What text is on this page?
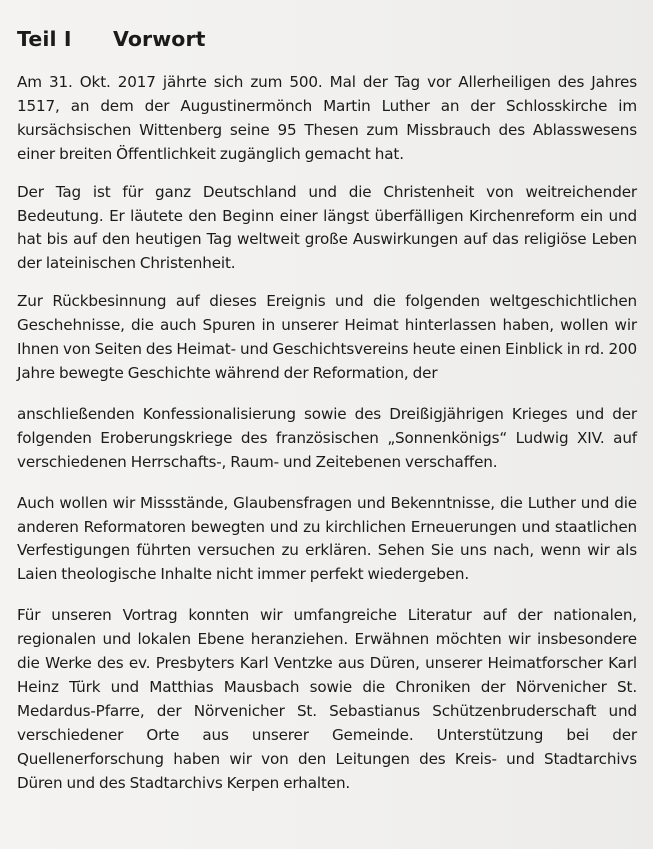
Teil I Vorwort

Am 31. Okt. 2017 jährte sich zum 500. Mal der Tag vor Allerheiligen des Jahres 1517, an dem der Augustinermönch Martin Luther an der Schlosskirche im kursächsischen Wittenberg seine 95 Thesen zum Missbrauch des Ablasswesens einer breiten Öffentlichkeit zugänglich gemacht hat.

Der Tag ist für ganz Deutschland und die Christenheit von weitreichender Bedeutung. Er läutete den Beginn einer längst überfälligen Kirchenreform ein und hat bis auf den heutigen Tag weltweit große Auswirkungen auf das religiöse Leben der lateinischen Christenheit.

Zur Rückbesinnung auf dieses Ereignis und die folgenden weltgeschichtlichen Geschehnisse, die auch Spuren in unserer Heimat hinterlassen haben, wollen wir Ihnen von Seiten des Heimat- und Geschichtsvereins heute einen Einblick in rd. 200 Jahre bewegte Geschichte während der Reformation, der

anschließenden Konfessionalisierung sowie des Dreißigjährigen Krieges und der folgenden Eroberungskriege des französischen „Sonnenkönigs“ Ludwig XIV. auf verschiedenen Herrschafts-, Raum- und Zeitebenen verschaffen.

Auch wollen wir Missstände, Glaubensfragen und Bekenntnisse, die Luther und die anderen Reformatoren bewegten und zu kirchlichen Erneuerungen und staatlichen Verfestigungen führten versuchen zu erklären. Sehen Sie uns nach, wenn wir als Laien theologische Inhalte nicht immer perfekt wiedergeben.

Für unseren Vortrag konnten wir umfangreiche Literatur auf der nationalen, regionalen und lokalen Ebene heranziehen. Erwähnen möchten wir insbesondere die Werke des ev. Presbyters Karl Ventzke aus Düren, unserer Heimatforscher Karl Heinz Türk und Matthias Mausbach sowie die Chroniken der Nörvenicher St. Medardus-Pfarre, der Nörvenicher St. Sebastianus Schützenbruderschaft und verschiedener Orte aus unserer Gemeinde. Unterstützung bei der Quellenerforschung haben wir von den Leitungen des Kreis- und Stadtarchivs Düren und des Stadtarchivs Kerpen erhalten.
